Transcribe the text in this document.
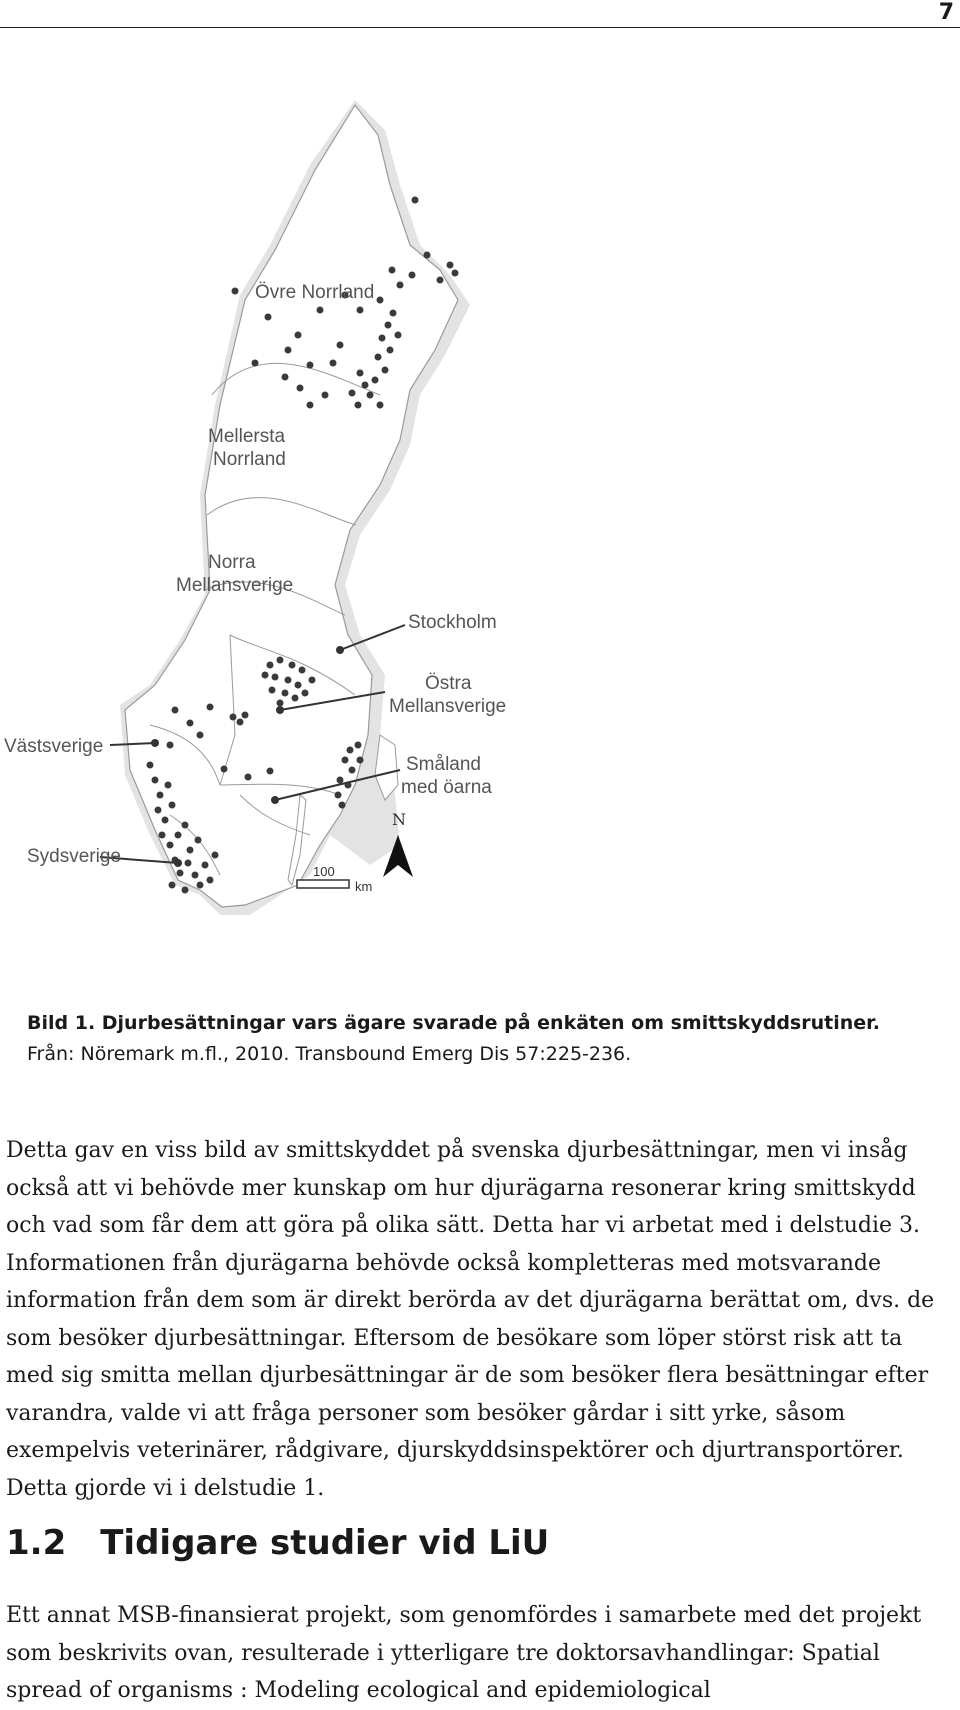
7
Övre Norrland
Mellersta
Norrland
Norra
Mellansverige
Stockholm
Östra
Mellansverige
Småland
med öarna
Västsverige
Sydsverige
N
100
km
Bild 1. Djurbesättningar vars ägare svarade på enkäten om smittskyddsrutiner. Från: Nöremark m.fl., 2010. Transbound Emerg Dis 57:225-236.

Detta gav en viss bild av smittskyddet på svenska djurbesättningar, men vi insåg också att vi behövde mer kunskap om hur djurägarna resonerar kring smittskydd och vad som får dem att göra på olika sätt. Detta har vi arbetat med i delstudie 3. Informationen från djurägarna behövde också kompletteras med motsvarande information från dem som är direkt berörda av det djurägarna berättat om, dvs. de som besöker djurbesättningar. Eftersom de besökare som löper störst risk att ta med sig smitta mellan djurbesättningar är de som besöker flera besättningar efter varandra, valde vi att fråga personer som besöker gårdar i sitt yrke, såsom exempelvis veterinärer, rådgivare, djurskyddsinspektörer och djurtransportörer. Detta gjorde vi i delstudie 1.

1.2 Tidigare studier vid LiU

Ett annat MSB-finansierat projekt, som genomfördes i samarbete med det projekt som beskrivits ovan, resulterade i ytterligare tre doktorsavhandlingar: Spatial spread of organisms : Modeling ecological and epidemiological
